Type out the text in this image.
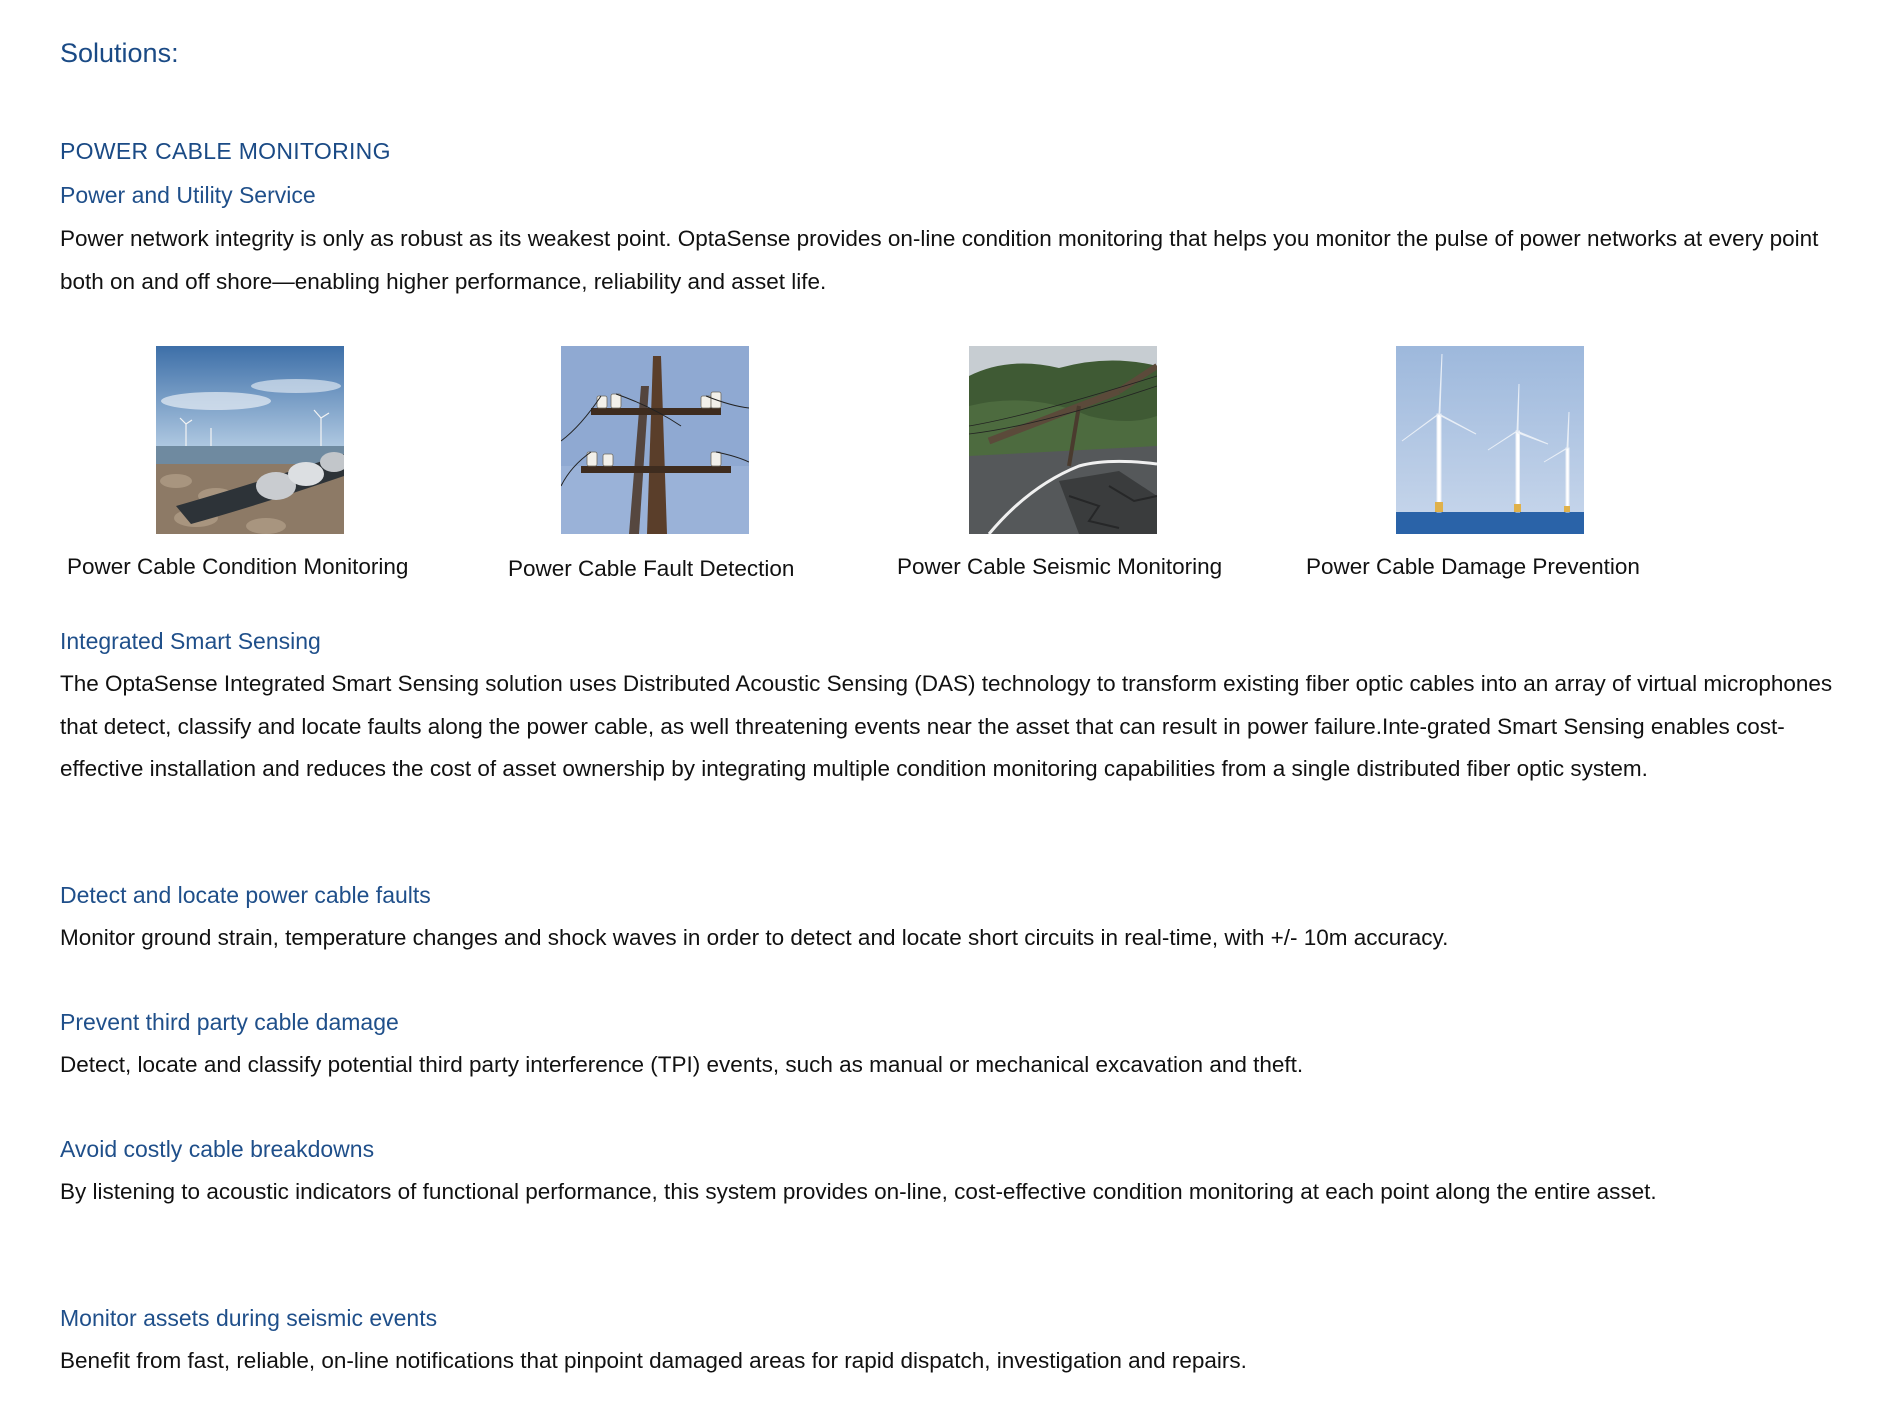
Solutions:
POWER CABLE MONITORING
Power and Utility Service

Power network integrity is only as robust as its weakest point. OptaSense provides on-line condition monitoring that helps you monitor the pulse of power networks at every point both on and off shore—enabling higher performance, reliability and asset life.

Power Cable Condition Monitoring	Power Cable Fault Detection	Power Cable Seismic Monitoring	Power Cable Damage Prevention

Integrated Smart Sensing

The OptaSense Integrated Smart Sensing solution uses Distributed Acoustic Sensing (DAS) technology to transform existing fiber optic cables into an array of virtual microphones that detect, classify and locate faults along the power cable, as well threatening events near the asset that can result in power failure.Inte-grated Smart Sensing enables cost-effective installation and reduces the cost of asset ownership by integrating multiple condition monitoring capabilities from a single distributed fiber optic system.

Detect and locate power cable faults

Monitor ground strain, temperature changes and shock waves in order to detect and locate short circuits in real-time, with +/- 10m accuracy.

Prevent third party cable damage

Detect, locate and classify potential third party interference (TPI) events, such as manual or mechanical excavation and theft.

Avoid costly cable breakdowns

By listening to acoustic indicators of functional performance, this system provides on-line, cost-effective condition monitoring at each point along the entire asset.

Monitor assets during seismic events

Benefit from fast, reliable, on-line notifications that pinpoint damaged areas for rapid dispatch, investigation and repairs.
